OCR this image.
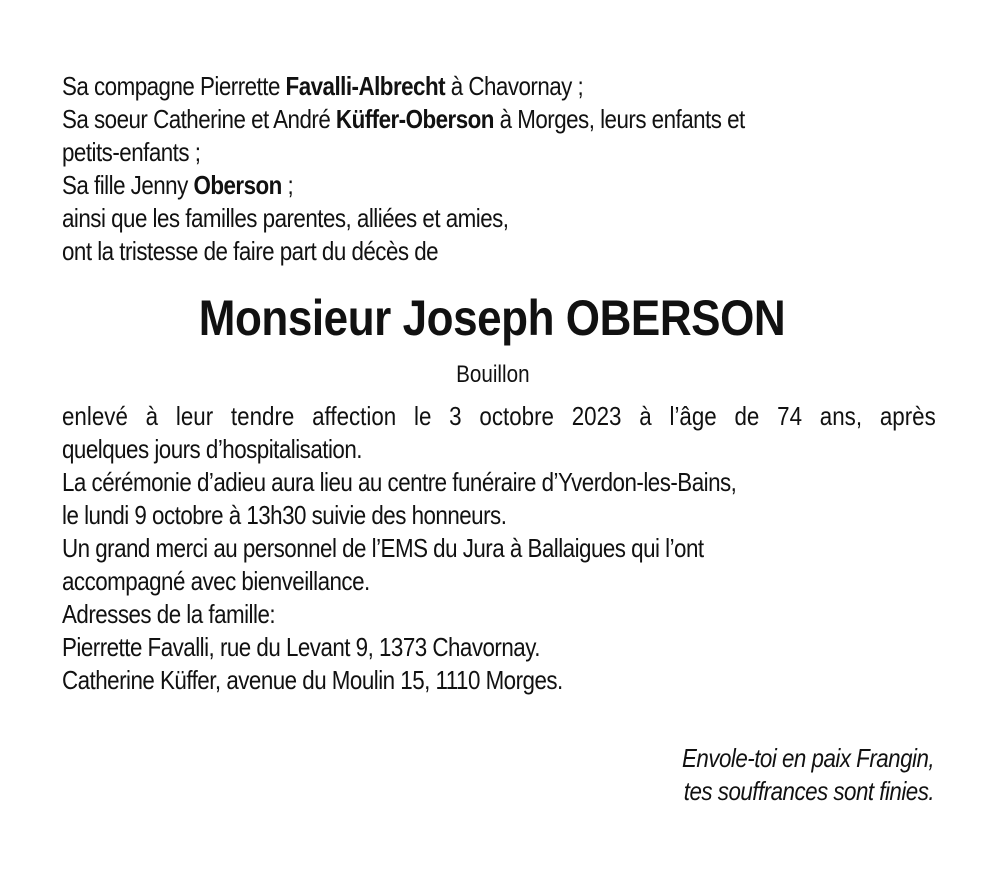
Sa compagne Pierrette Favalli-Albrecht à Chavornay ;
Sa soeur Catherine et André Küffer-Oberson à Morges, leurs enfants et
petits-enfants ;
Sa fille Jenny Oberson ;
ainsi que les familles parentes, alliées et amies,
ont la tristesse de faire part du décès de
Monsieur Joseph OBERSON
Bouillon
enlevé à leur tendre affection le 3 octobre 2023 à l’âge de 74 ans, après
quelques jours d’hospitalisation.
La cérémonie d’adieu aura lieu au centre funéraire d’Yverdon-les-Bains,
le lundi 9 octobre à 13h30 suivie des honneurs.
Un grand merci au personnel de l’EMS du Jura à Ballaigues qui l’ont
accompagné avec bienveillance.
Adresses de la famille:
Pierrette Favalli, rue du Levant 9, 1373 Chavornay.
Catherine Küffer, avenue du Moulin 15, 1110 Morges.
Envole-toi en paix Frangin,
tes souffrances sont finies.
